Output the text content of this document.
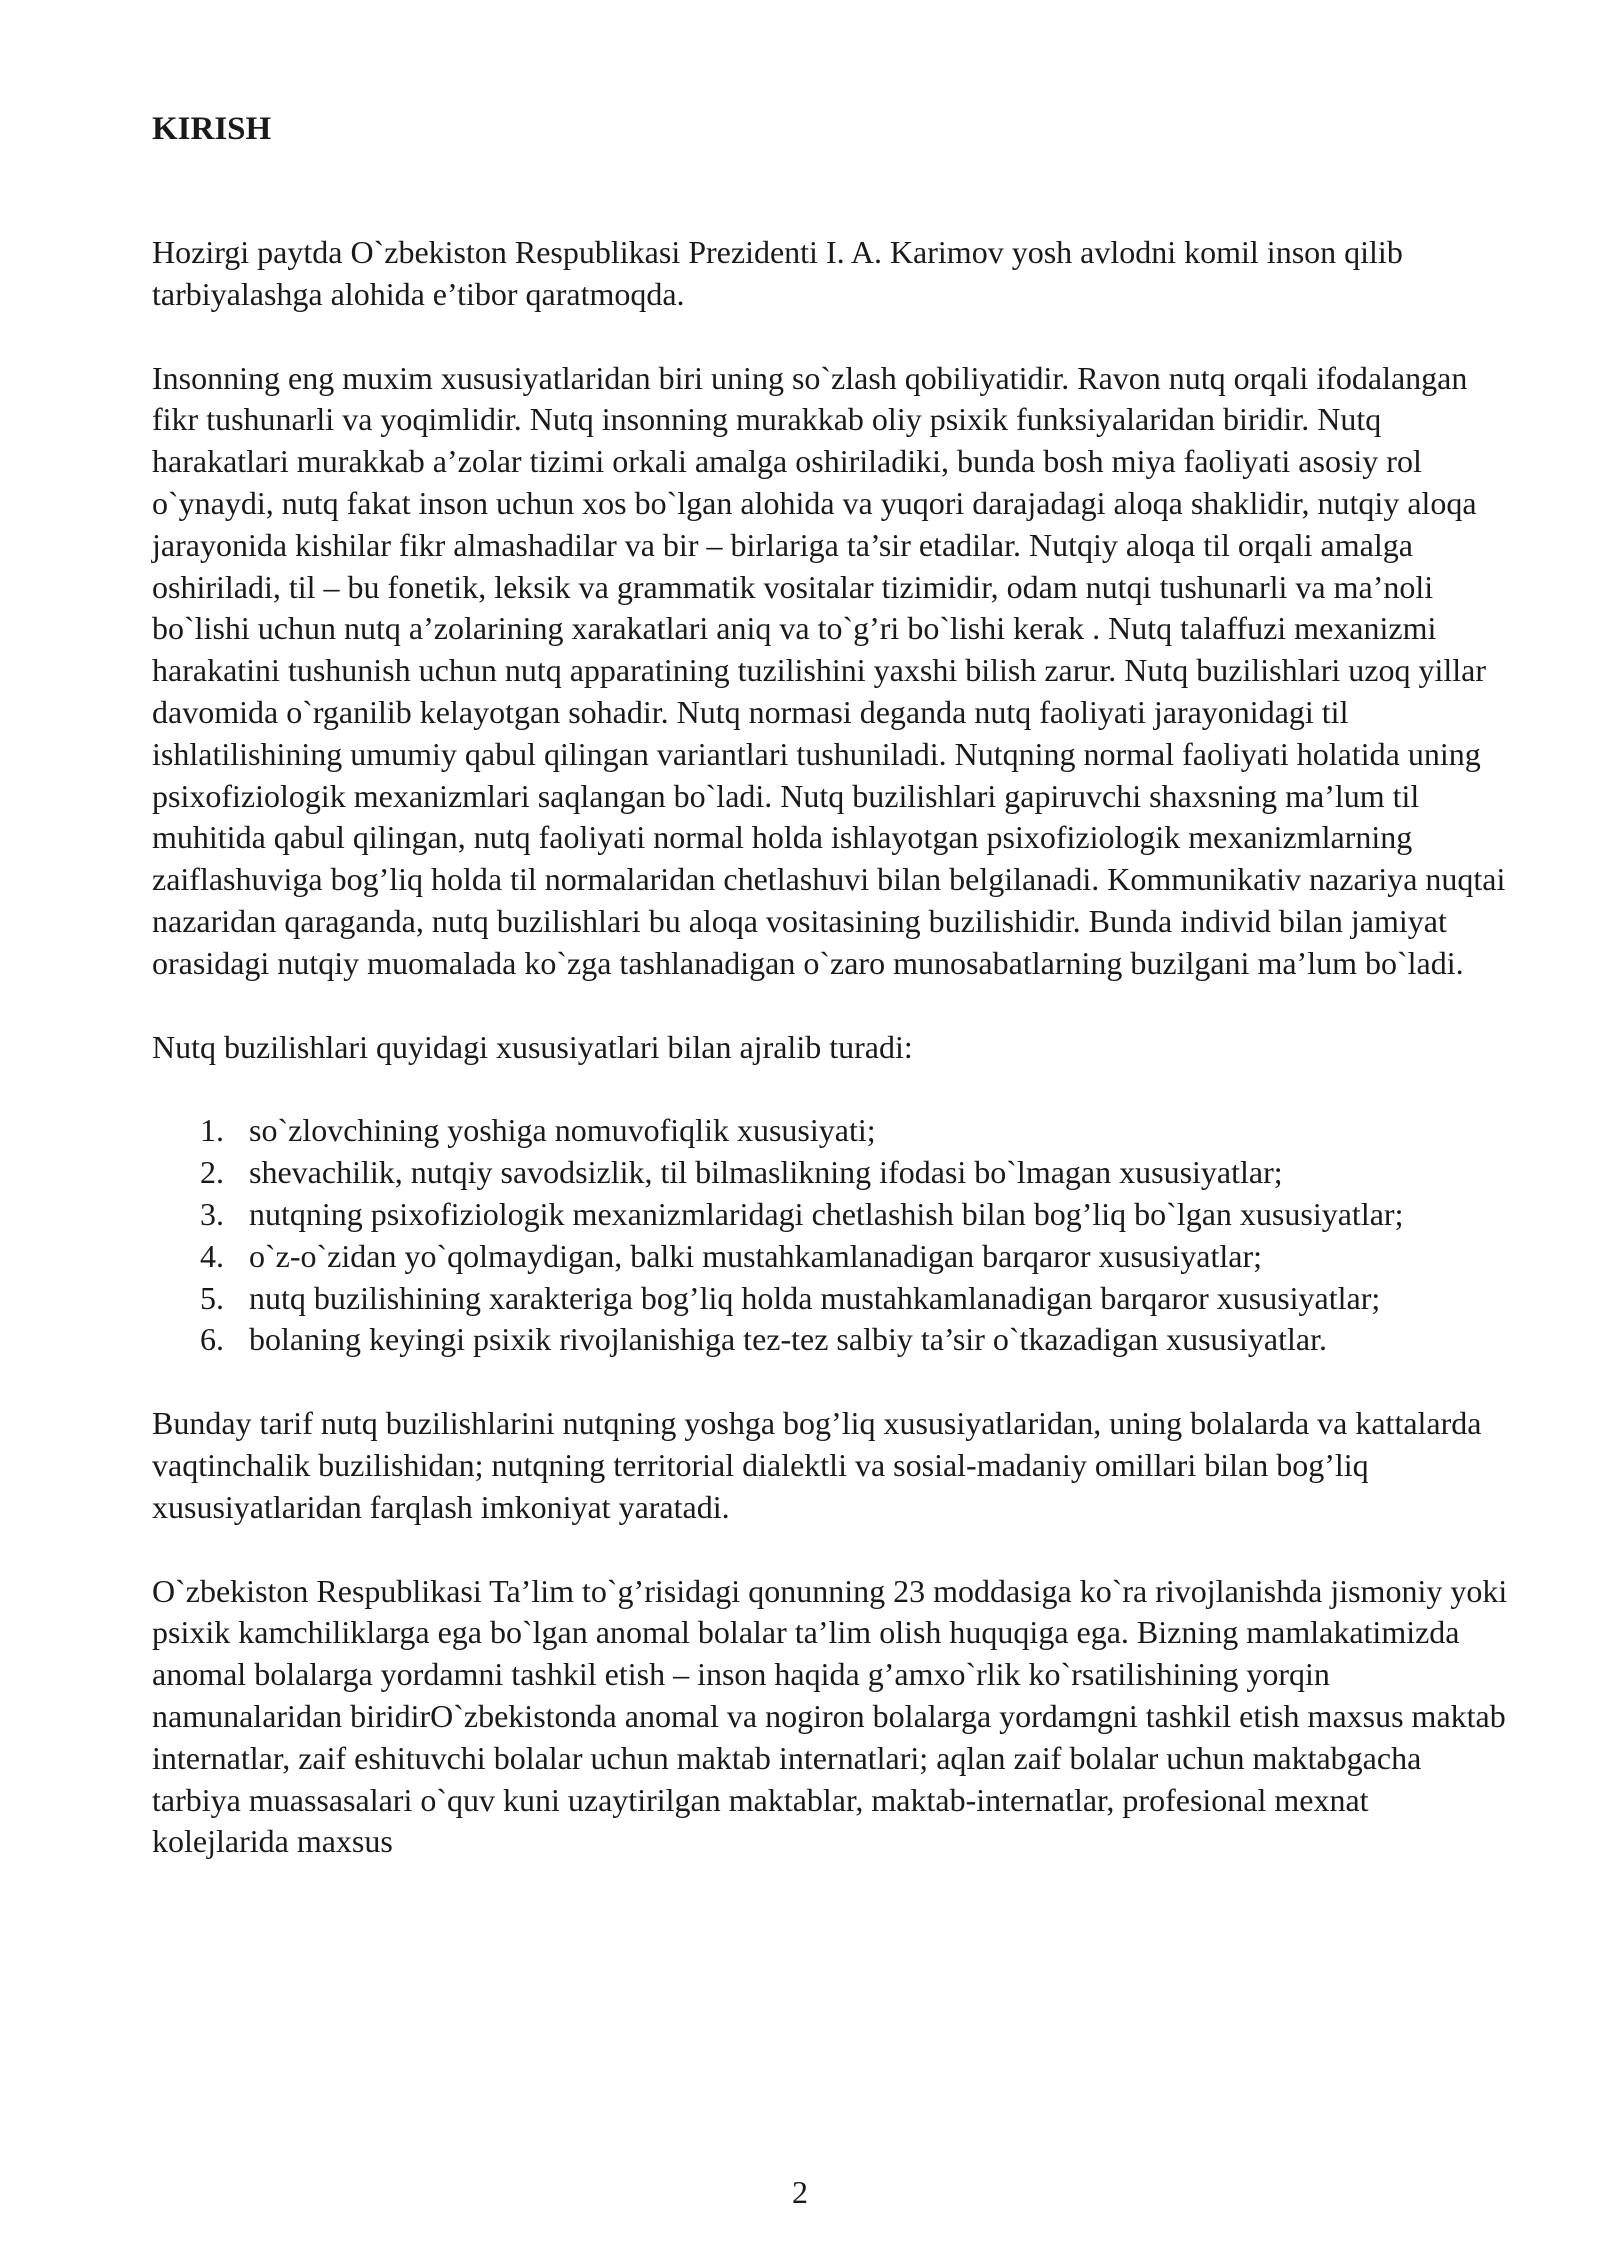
KIRISH

Hozirgi paytda O`zbekiston Respublikasi Prezidenti I. A. Karimov yosh avlodni komil inson qilib tarbiyalashga alohida e’tibor qaratmoqda.

Insonning eng muxim xususiyatlaridan biri uning so`zlash qobiliyatidir. Ravon nutq orqali ifodalangan fikr tushunarli va yoqimlidir. Nutq insonning murakkab oliy psixik funksiyalaridan biridir. Nutq harakatlari murakkab a’zolar tizimi orkali amalga oshiriladiki, bunda bosh miya faoliyati asosiy rol o`ynaydi, nutq fakat inson uchun xos bo`lgan alohida va yuqori darajadagi aloqa shaklidir, nutqiy aloqa jarayonida kishilar fikr almashadilar va bir – birlariga ta’sir etadilar. Nutqiy aloqa til orqali amalga oshiriladi, til – bu fonetik, leksik va grammatik vositalar tizimidir, odam nutqi tushunarli va ma’noli bo`lishi uchun nutq a’zolarining xarakatlari aniq va to`g’ri bo`lishi kerak . Nutq talaffuzi mexanizmi harakatini tushunish uchun nutq apparatining tuzilishini yaxshi bilish zarur. Nutq buzilishlari uzoq yillar davomida o`rganilib kelayotgan sohadir. Nutq normasi deganda nutq faoliyati jarayonidagi til ishlatilishining umumiy qabul qilingan variantlari tushuniladi. Nutqning normal faoliyati holatida uning psixofiziologik mexanizmlari saqlangan bo`ladi. Nutq buzilishlari gapiruvchi shaxsning ma’lum til muhitida qabul qilingan, nutq faoliyati normal holda ishlayotgan psixofiziologik mexanizmlarning zaiflashuviga bog’liq holda til normalaridan chetlashuvi bilan belgilanadi. Kommunikativ nazariya nuqtai nazaridan qaraganda, nutq buzilishlari bu aloqa vositasining buzilishidir. Bunda individ bilan jamiyat orasidagi nutqiy muomalada ko`zga tashlanadigan o`zaro munosabatlarning buzilgani ma’lum bo`ladi.

Nutq buzilishlari quyidagi xususiyatlari bilan ajralib turadi:

1. so`zlovchining yoshiga nomuvofiqlik xususiyati;
2. shevachilik, nutqiy savodsizlik, til bilmaslikning ifodasi bo`lmagan xususiyatlar;
3. nutqning psixofiziologik mexanizmlaridagi chetlashish bilan bog’liq bo`lgan xususiyatlar;
4. o`z-o`zidan yo`qolmaydigan, balki mustahkamlanadigan barqaror xususiyatlar;
5. nutq buzilishining xarakteriga bog’liq holda mustahkamlanadigan barqaror xususiyatlar;
6. bolaning keyingi psixik rivojlanishiga tez-tez salbiy ta’sir o`tkazadigan xususiyatlar.

Bunday tarif nutq buzilishlarini nutqning yoshga bog’liq xususiyatlaridan, uning bolalarda va kattalarda vaqtinchalik buzilishidan; nutqning territorial dialektli va sosial-madaniy omillari bilan bog’liq xususiyatlaridan farqlash imkoniyat yaratadi.

O`zbekiston Respublikasi Ta’lim to`g’risidagi qonunning 23 moddasiga ko`ra rivojlanishda jismoniy yoki psixik kamchiliklarga ega bo`lgan anomal bolalar ta’lim olish huquqiga ega. Bizning mamlakatimizda anomal bolalarga yordamni tashkil etish – inson haqida g’amxo`rlik ko`rsatilishining yorqin namunalaridan biridirO`zbekistonda anomal va nogiron bolalarga yordamgni tashkil etish maxsus maktab internatlar, zaif eshituvchi bolalar uchun maktab internatlari; aqlan zaif bolalar uchun maktabgacha tarbiya muassasalari o`quv kuni uzaytirilgan maktablar, maktab-internatlar, profesional mexnat kolejlarida maxsus

2
